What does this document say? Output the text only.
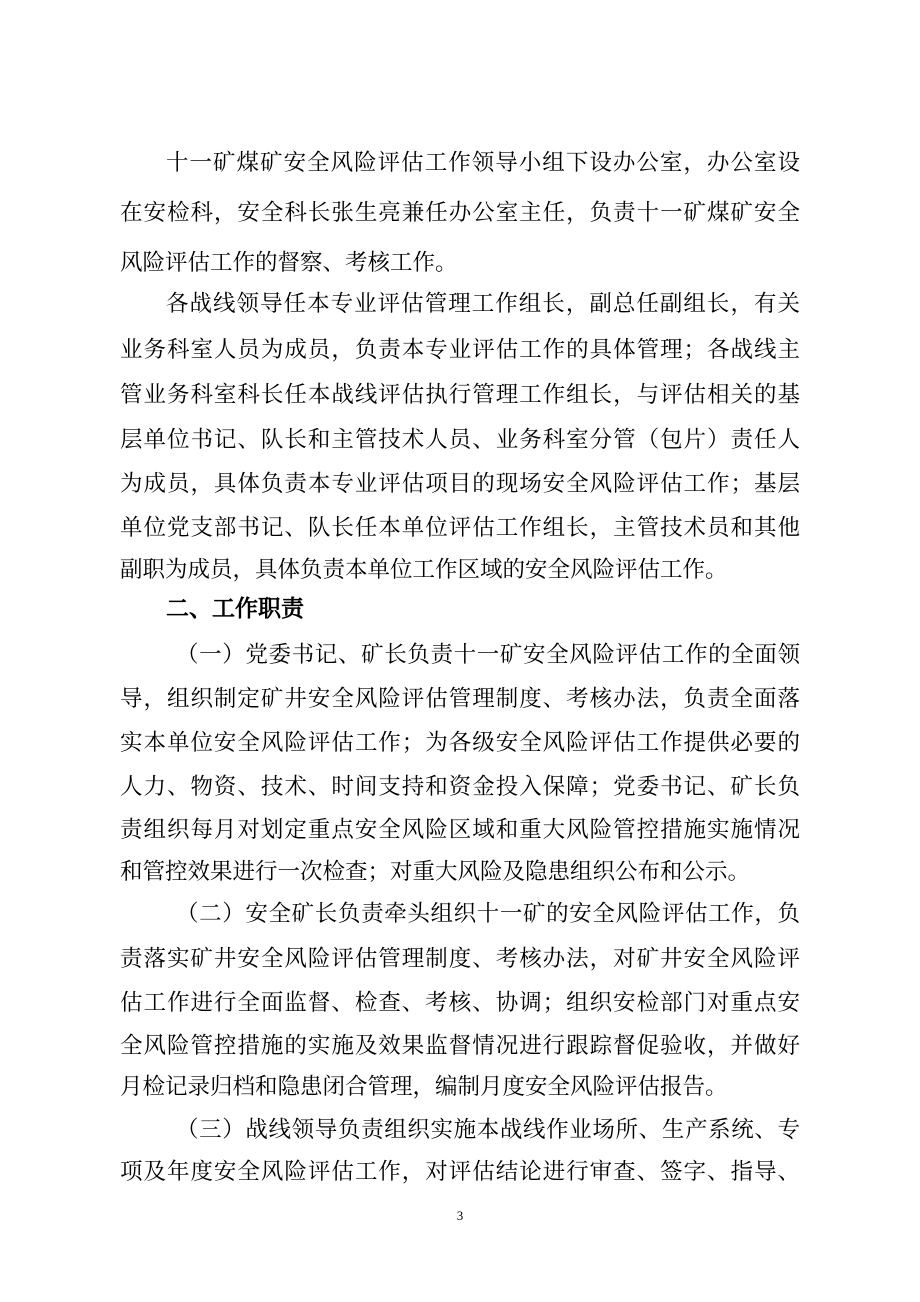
十一矿煤矿安全风险评估工作领导小组下设办公室，办公室设
在安检科，安全科长张生亮兼任办公室主任，负责十一矿煤矿安全
风险评估工作的督察、考核工作。
各战线领导任本专业评估管理工作组长，副总任副组长，有关
业务科室人员为成员，负责本专业评估工作的具体管理；各战线主
管业务科室科长任本战线评估执行管理工作组长，与评估相关的基
层单位书记、队长和主管技术人员、业务科室分管（包片）责任人
为成员，具体负责本专业评估项目的现场安全风险评估工作；基层
单位党支部书记、队长任本单位评估工作组长，主管技术员和其他
副职为成员，具体负责本单位工作区域的安全风险评估工作。
二、工作职责
（一）党委书记、矿长负责十一矿安全风险评估工作的全面领
导，组织制定矿井安全风险评估管理制度、考核办法，负责全面落
实本单位安全风险评估工作；为各级安全风险评估工作提供必要的
人力、物资、技术、时间支持和资金投入保障；党委书记、矿长负
责组织每月对划定重点安全风险区域和重大风险管控措施实施情况
和管控效果进行一次检查；对重大风险及隐患组织公布和公示。
（二）安全矿长负责牵头组织十一矿的安全风险评估工作，负
责落实矿井安全风险评估管理制度、考核办法，对矿井安全风险评
估工作进行全面监督、检查、考核、协调；组织安检部门对重点安
全风险管控措施的实施及效果监督情况进行跟踪督促验收，并做好
月检记录归档和隐患闭合管理，编制月度安全风险评估报告。
（三）战线领导负责组织实施本战线作业场所、生产系统、专
项及年度安全风险评估工作，对评估结论进行审查、签字、指导、
3
